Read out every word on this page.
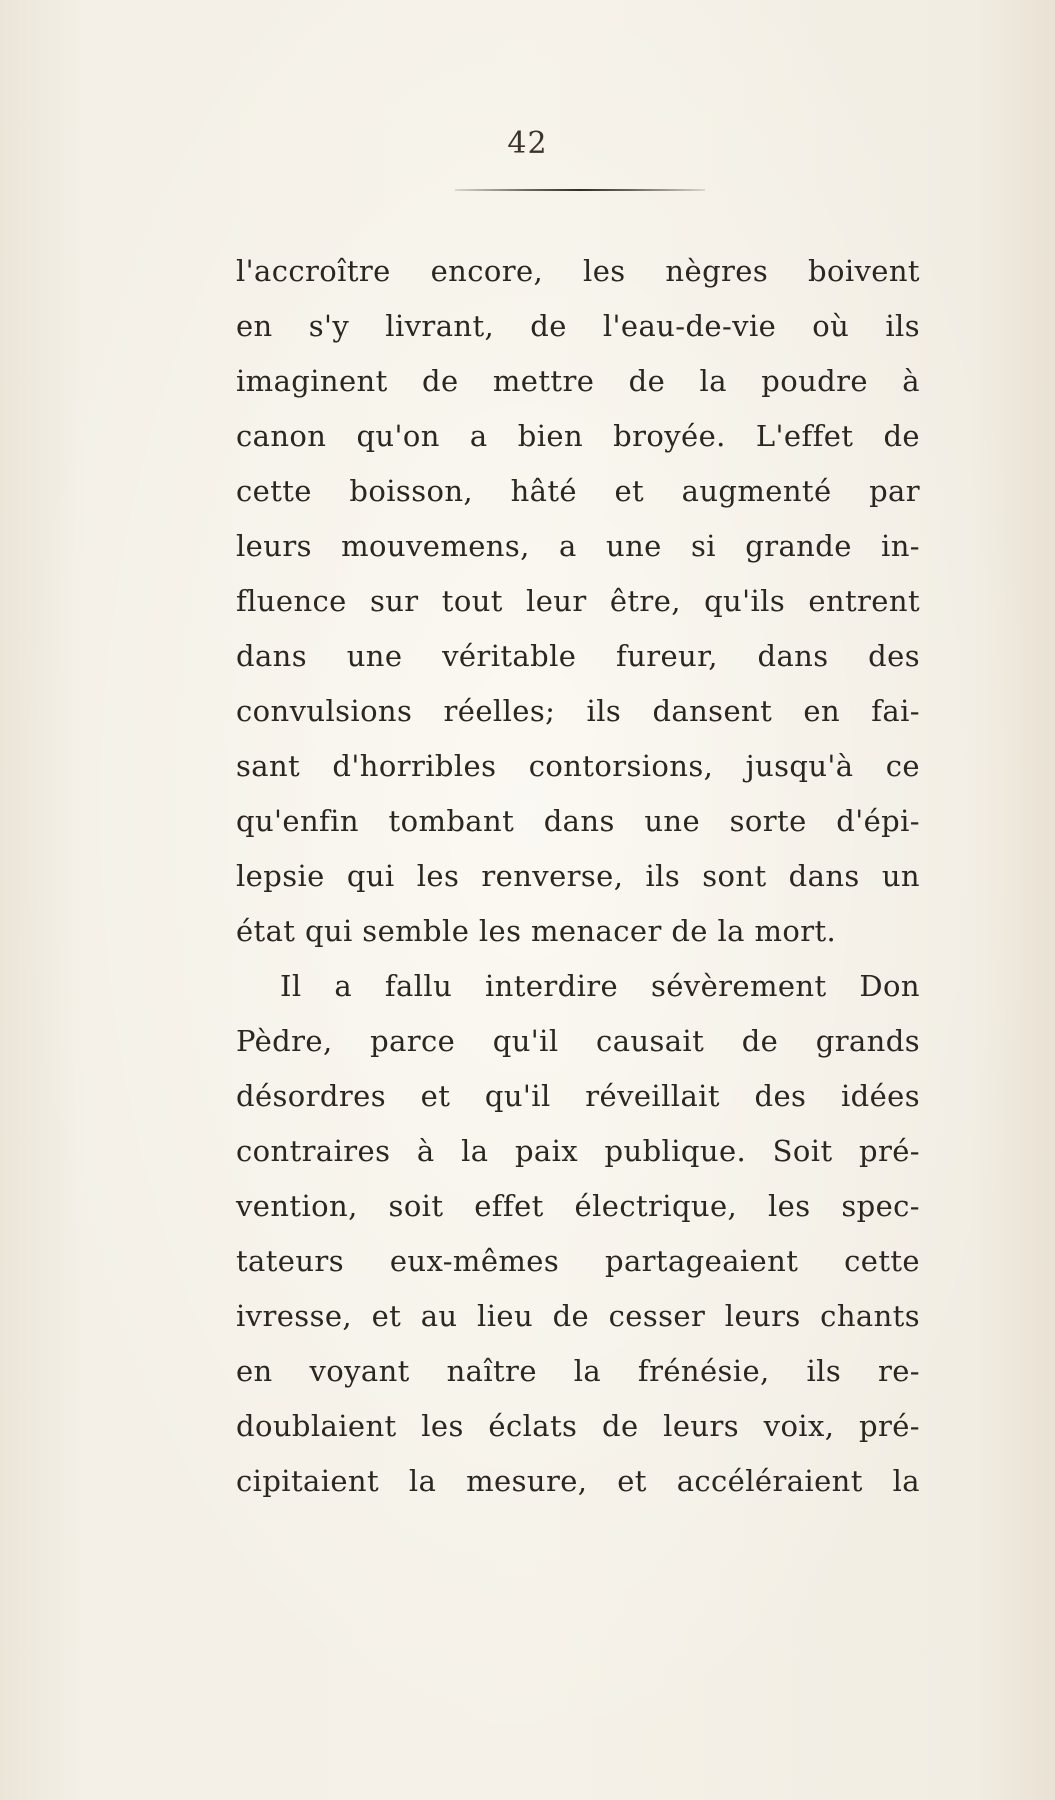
42
l'accroître encore, les nègres boivent
en s'y livrant, de l'eau-de-vie où ils
imaginent de mettre de la poudre à
canon qu'on a bien broyée. L'effet de
cette boisson, hâté et augmenté par
leurs mouvemens, a une si grande in-
fluence sur tout leur être, qu'ils entrent
dans une véritable fureur, dans des
convulsions réelles; ils dansent en fai-
sant d'horribles contorsions, jusqu'à ce
qu'enfin tombant dans une sorte d'épi-
lepsie qui les renverse, ils sont dans un
état qui semble les menacer de la mort.
Il a fallu interdire sévèrement Don
Pèdre, parce qu'il causait de grands
désordres et qu'il réveillait des idées
contraires à la paix publique. Soit pré-
vention, soit effet électrique, les spec-
tateurs eux-mêmes partageaient cette
ivresse, et au lieu de cesser leurs chants
en voyant naître la frénésie, ils re-
doublaient les éclats de leurs voix, pré-
cipitaient la mesure, et accéléraient la
